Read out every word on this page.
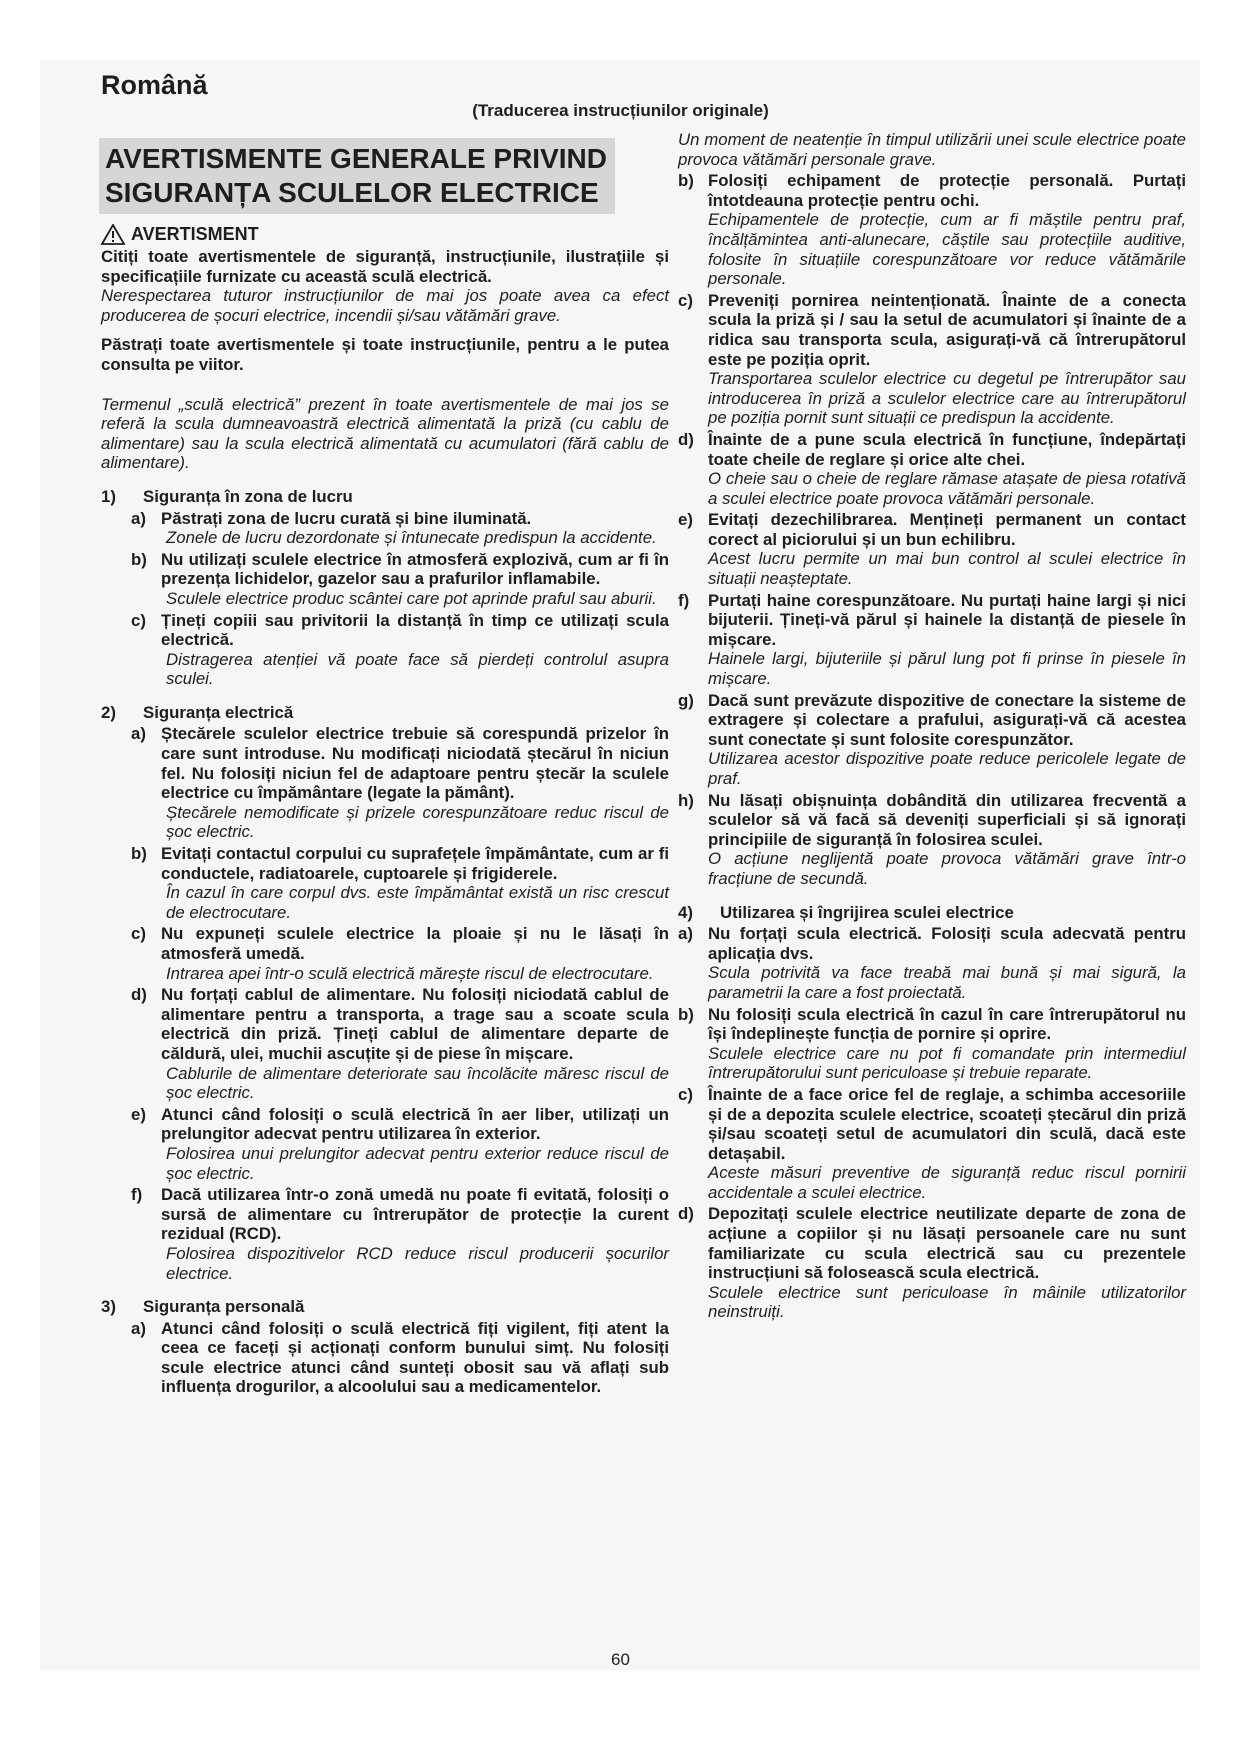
Română
(Traducerea instrucțiunilor originale)
AVERTISMENTE GENERALE PRIVIND
SIGURANȚA SCULELOR ELECTRICE
AVERTISMENT
Citiți toate avertismentele de siguranță, instrucțiunile, ilustrațiile și specificațiile furnizate cu această sculă electrică.
Nerespectarea tuturor instrucțiunilor de mai jos poate avea ca efect producerea de șocuri electrice, incendii și/sau vătămări grave.
Păstrați toate avertismentele și toate instrucțiunile, pentru a le putea consulta pe viitor.
Termenul „sculă electrică” prezent în toate avertismentele de mai jos se referă la scula dumneavoastră electrică alimentată la priză (cu cablu de alimentare) sau la scula electrică alimentată cu acumulatori (fără cablu de alimentare).
1)	Siguranța în zona de lucru
a) Păstrați zona de lucru curată și bine iluminată.
Zonele de lucru dezordonate și întunecate predispun la accidente.
b) Nu utilizați sculele electrice în atmosferă explozivă, cum ar fi în prezența lichidelor, gazelor sau a prafurilor inflamabile.
Sculele electrice produc scântei care pot aprinde praful sau aburii.
c) Țineți copiii sau privitorii la distanță în timp ce utilizați scula electrică.
Distragerea atenției vă poate face să pierdeți controlul asupra sculei.
2)	Siguranța electrică
a) Ștecărele sculelor electrice trebuie să corespundă prizelor în care sunt introduse. Nu modificați niciodată ștecărul în niciun fel. Nu folosiți niciun fel de adaptoare pentru ștecăr la sculele electrice cu împământare (legate la pământ).
Ștecărele nemodificate și prizele corespunzătoare reduc riscul de șoc electric.
b) Evitați contactul corpului cu suprafețele împământate, cum ar fi conductele, radiatoarele, cuptoarele și frigiderele.
În cazul în care corpul dvs. este împământat există un risc crescut de electrocutare.
c) Nu expuneți sculele electrice la ploaie și nu le lăsați în atmosferă umedă.
Intrarea apei într-o sculă electrică mărește riscul de electrocutare.
d) Nu forțați cablul de alimentare. Nu folosiți niciodată cablul de alimentare pentru a transporta, a trage sau a scoate scula electrică din priză. Țineți cablul de alimentare departe de căldură, ulei, muchii ascuțite și de piese în mișcare.
Cablurile de alimentare deteriorate sau încolăcite măresc riscul de șoc electric.
e) Atunci când folosiți o sculă electrică în aer liber, utilizați un prelungitor adecvat pentru utilizarea în exterior.
Folosirea unui prelungitor adecvat pentru exterior reduce riscul de șoc electric.
f)	Dacă utilizarea într-o zonă umedă nu poate fi evitată, folosiți o sursă de alimentare cu întrerupător de protecție la curent rezidual (RCD).
Folosirea dispozitivelor RCD reduce riscul producerii șocurilor electrice.
3)	Siguranța personală
a) Atunci când folosiți o sculă electrică fiți vigilent, fiți atent la ceea ce faceți și acționați conform bunului simț. Nu folosiți scule electrice atunci când sunteți obosit sau vă aflați sub influența drogurilor, a alcoolului sau a medicamentelor.
Un moment de neatenție în timpul utilizării unei scule electrice poate provoca vătămări personale grave.
b) Folosiți echipament de protecție personală. Purtați întotdeauna protecție pentru ochi.
Echipamentele de protecție, cum ar fi măștile pentru praf, încălțămintea anti-alunecare, căștile sau protecțiile auditive, folosite în situațiile corespunzătoare vor reduce vătămările personale.
c) Preveniți pornirea neintenționată. Înainte de a conecta scula la priză și / sau la setul de acumulatori și înainte de a ridica sau transporta scula, asigurați-vă că întrerupătorul este pe poziția oprit.
Transportarea sculelor electrice cu degetul pe întrerupător sau introducerea în priză a sculelor electrice care au întrerupătorul pe poziția pornit sunt situații ce predispun la accidente.
d) Înainte de a pune scula electrică în funcțiune, îndepărtați toate cheile de reglare și orice alte chei.
O cheie sau o cheie de reglare rămase atașate de piesa rotativă a sculei electrice poate provoca vătămări personale.
e) Evitați dezechilibrarea. Mențineți permanent un contact corect al piciorului și un bun echilibru.
Acest lucru permite un mai bun control al sculei electrice în situații neașteptate.
f)	Purtați haine corespunzătoare. Nu purtați haine largi și nici bijuterii. Țineți-vă părul și hainele la distanță de piesele în mișcare.
Hainele largi, bijuteriile și părul lung pot fi prinse în piesele în mișcare.
g) Dacă sunt prevăzute dispozitive de conectare la sisteme de extragere și colectare a prafului, asigurați-vă că acestea sunt conectate și sunt folosite corespunzător.
Utilizarea acestor dispozitive poate reduce pericolele legate de praf.
h) Nu lăsați obișnuința dobândită din utilizarea frecventă a sculelor să vă facă să deveniți superficiali și să ignorați principiile de siguranță în folosirea sculei.
O acțiune neglijentă poate provoca vătămări grave într-o fracțiune de secundă.
4)	Utilizarea și îngrijirea sculei electrice
a) Nu forțați scula electrică. Folosiți scula adecvată pentru aplicația dvs.
Scula potrivită va face treabă mai bună și mai sigură, la parametrii la care a fost proiectată.
b) Nu folosiți scula electrică în cazul în care întrerupătorul nu își îndeplinește funcția de pornire și oprire.
Sculele electrice care nu pot fi comandate prin intermediul întrerupătorului sunt periculoase și trebuie reparate.
c) Înainte de a face orice fel de reglaje, a schimba accesoriile și de a depozita sculele electrice, scoateți ștecărul din priză și/sau scoateți setul de acumulatori din sculă, dacă este detașabil.
Aceste măsuri preventive de siguranță reduc riscul pornirii accidentale a sculei electrice.
d) Depozitați sculele electrice neutilizate departe de zona de acțiune a copiilor și nu lăsați persoanele care nu sunt familiarizate cu scula electrică sau cu prezentele instrucțiuni să folosească scula electrică.
Sculele electrice sunt periculoase în mâinile utilizatorilor neinstruiți.
60
